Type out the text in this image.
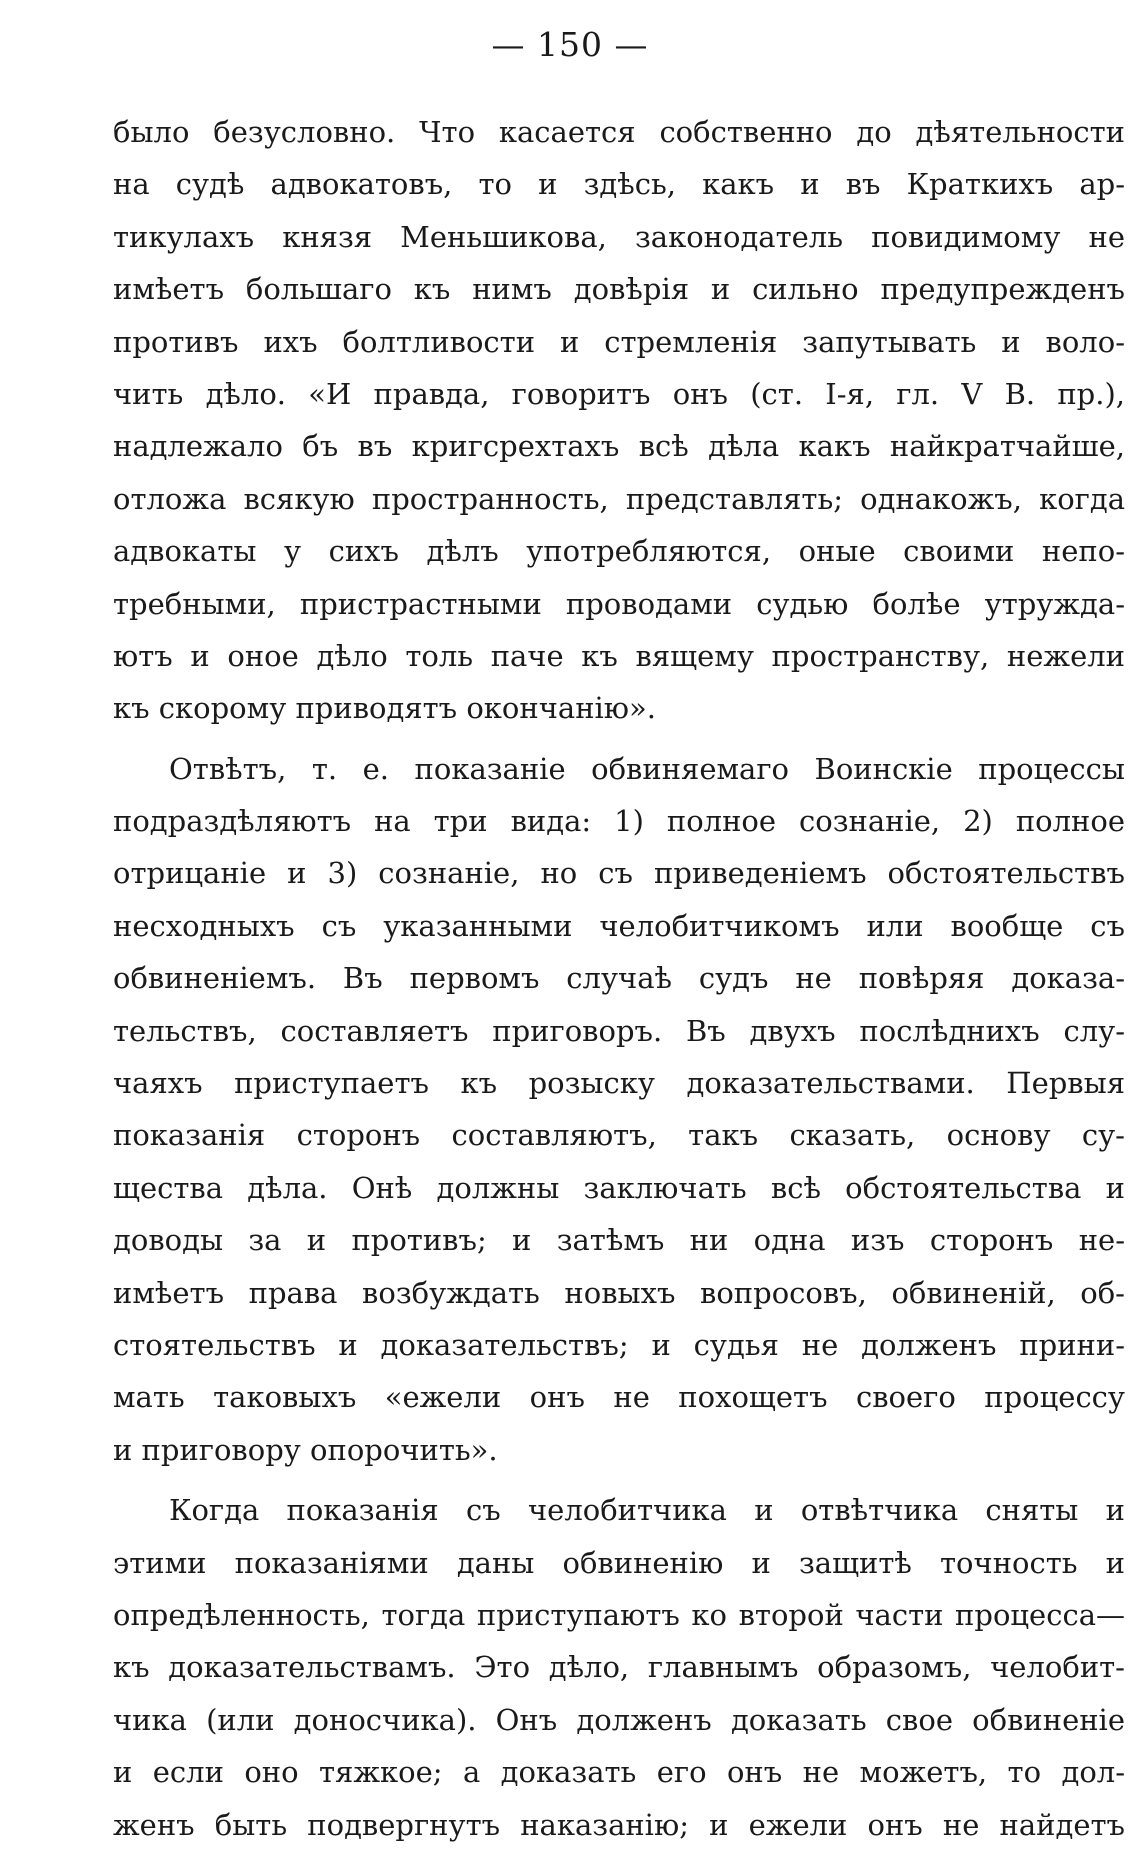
— 150 —
было безусловно. Что касается собственно до дѣятельности
на судѣ адвокатовъ, то и здѣсь, какъ и въ Краткихъ ар-
тикулахъ князя Меньшикова, законодатель повидимому не
имѣетъ большаго къ нимъ довѣрія и сильно предупрежденъ
противъ ихъ болтливости и стремленія запутывать и воло-
чить дѣло. «И правда, говоритъ онъ (ст. І-я, гл. V В. пр.),
надлежало бъ въ кригсрехтахъ всѣ дѣла какъ найкратчайше,
отложа всякую пространность, представлять; однакожъ, когда
адвокаты у сихъ дѣлъ употребляются, оные своими непо-
требными, пристрастными проводами судью болѣе утружда-
ютъ и оное дѣло толь паче къ вящему пространству, нежели
къ скорому приводятъ окончанію».
Отвѣтъ, т. е. показаніе обвиняемаго Воинскіе процессы
подраздѣляютъ на три вида: 1) полное сознаніе, 2) полное
отрицаніе и 3) сознаніе, но съ приведеніемъ обстоятельствъ
несходныхъ съ указанными челобитчикомъ или вообще съ
обвиненіемъ. Въ первомъ случаѣ судъ не повѣряя доказа-
тельствъ, составляетъ приговоръ. Въ двухъ послѣднихъ слу-
чаяхъ приступаетъ къ розыску доказательствами. Первыя
показанія сторонъ составляютъ, такъ сказать, основу су-
щества дѣла. Онѣ должны заключать всѣ обстоятельства и
доводы за и противъ; и затѣмъ ни одна изъ сторонъ не-
имѣетъ права возбуждать новыхъ вопросовъ, обвиненій, об-
стоятельствъ и доказательствъ; и судья не долженъ прини-
мать таковыхъ «ежели онъ не похощетъ своего процессу
и приговору опорочить».
Когда показанія съ челобитчика и отвѣтчика сняты и
этими показаніями даны обвиненію и защитѣ точность и
опредѣленность, тогда приступаютъ ко второй части процесса—
къ доказательствамъ. Это дѣло, главнымъ образомъ, челобит-
чика (или доносчика). Онъ долженъ доказать свое обвиненіе
и если оно тяжкое; а доказать его онъ не можетъ, то дол-
женъ быть подвергнутъ наказанію; и ежели онъ не найдетъ
